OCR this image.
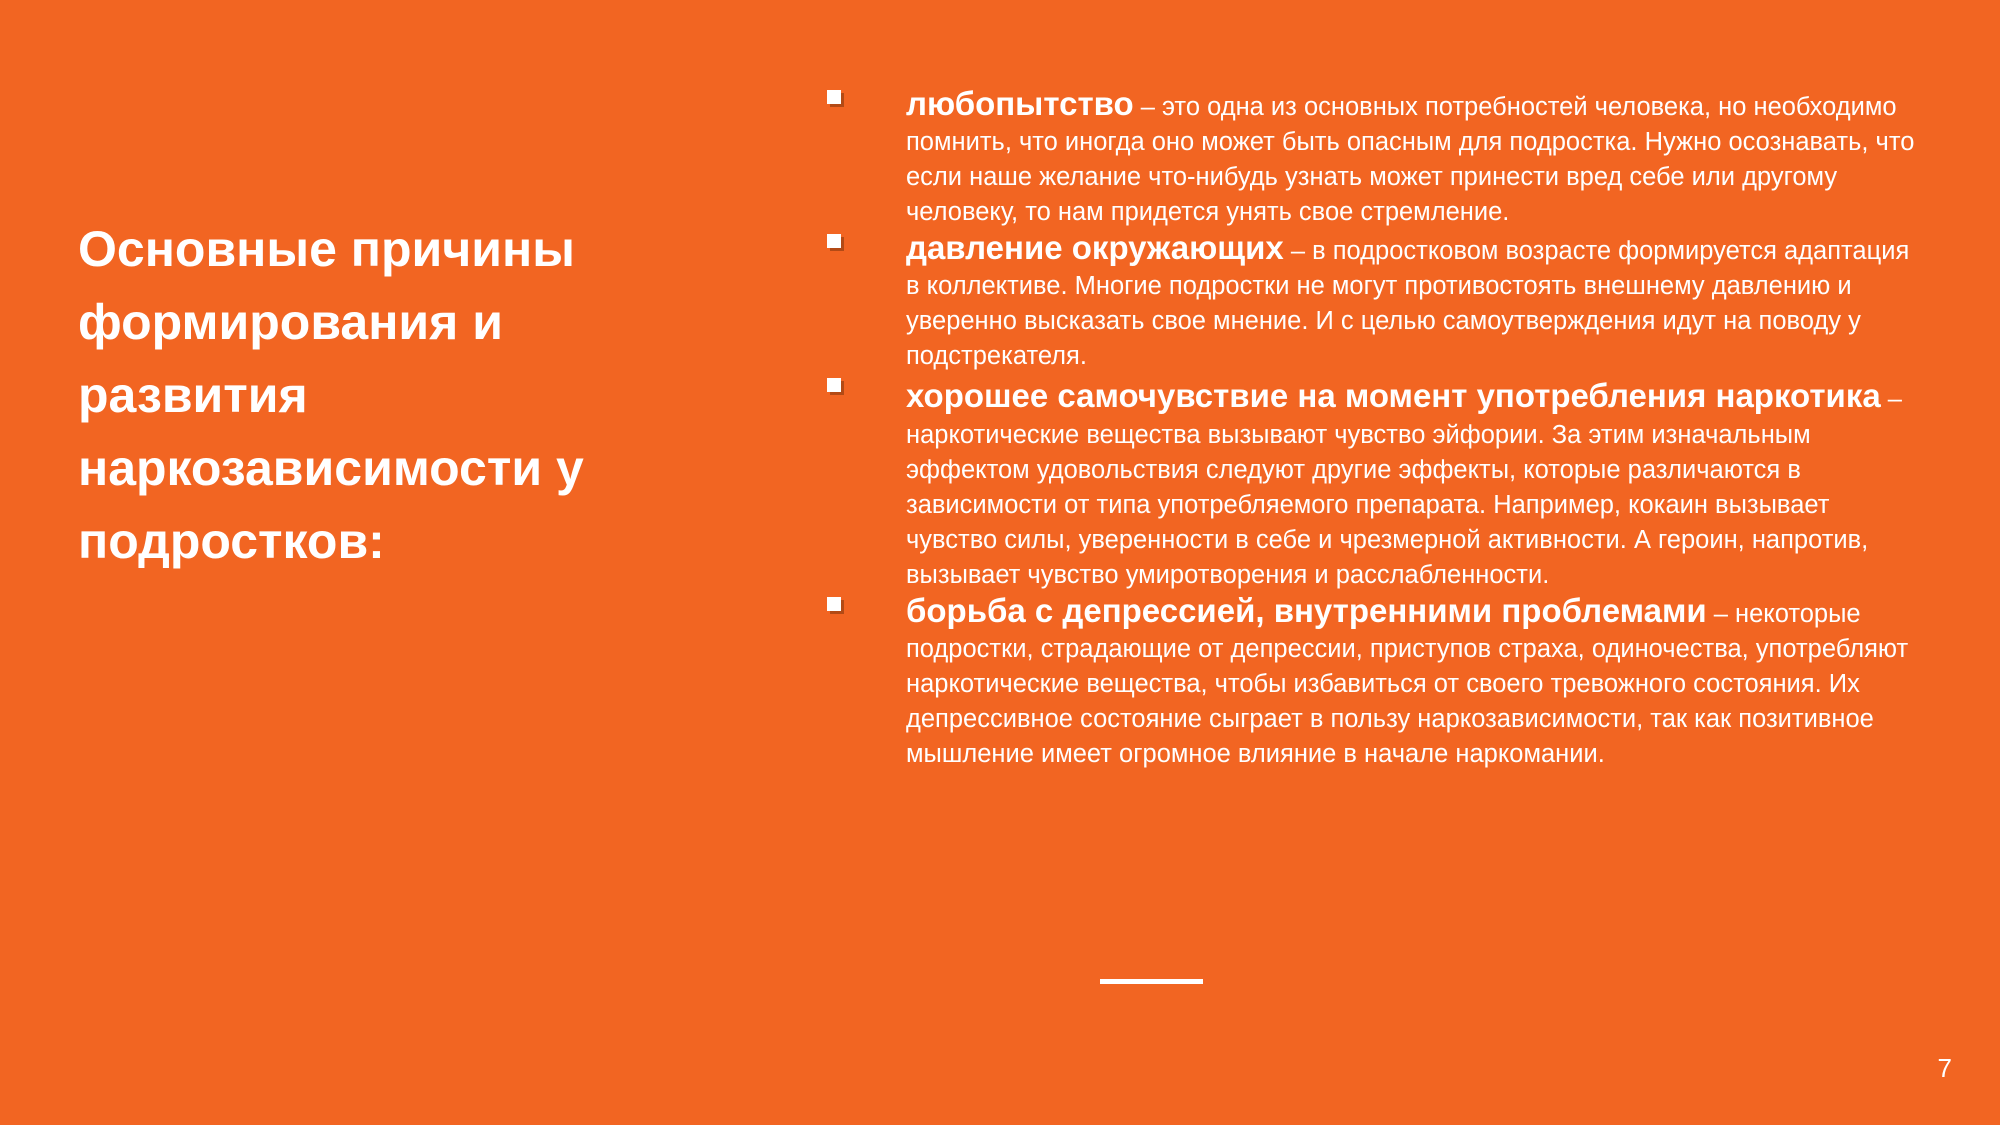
Основные причины формирования и развития наркозависимости у подростков:
любопытство – это одна из основных потребностей человека, но необходимо помнить, что иногда оно может быть опасным для подростка. Нужно осознавать, что если наше желание что-нибудь узнать может принести вред себе или другому человеку, то нам придется унять свое стремление.
давление окружающих – в подростковом возрасте формируется адаптация в коллективе. Многие подростки не могут противостоять внешнему давлению и уверенно высказать свое мнение. И с целью самоутверждения идут на поводу у подстрекателя.
хорошее самочувствие на момент употребления наркотика – наркотические вещества вызывают чувство эйфории. За этим изначальным эффектом удовольствия следуют другие эффекты, которые различаются в зависимости от типа употребляемого препарата. Например, кокаин вызывает чувство силы, уверенности в себе и чрезмерной активности. А героин, напротив, вызывает чувство умиротворения и расслабленности.
борьба с депрессией, внутренними проблемами – некоторые подростки, страдающие от депрессии, приступов страха, одиночества, употребляют наркотические вещества, чтобы избавиться от своего тревожного состояния. Их депрессивное состояние сыграет в пользу наркозависимости, так как позитивное мышление имеет огромное влияние в начале наркомании.
7
